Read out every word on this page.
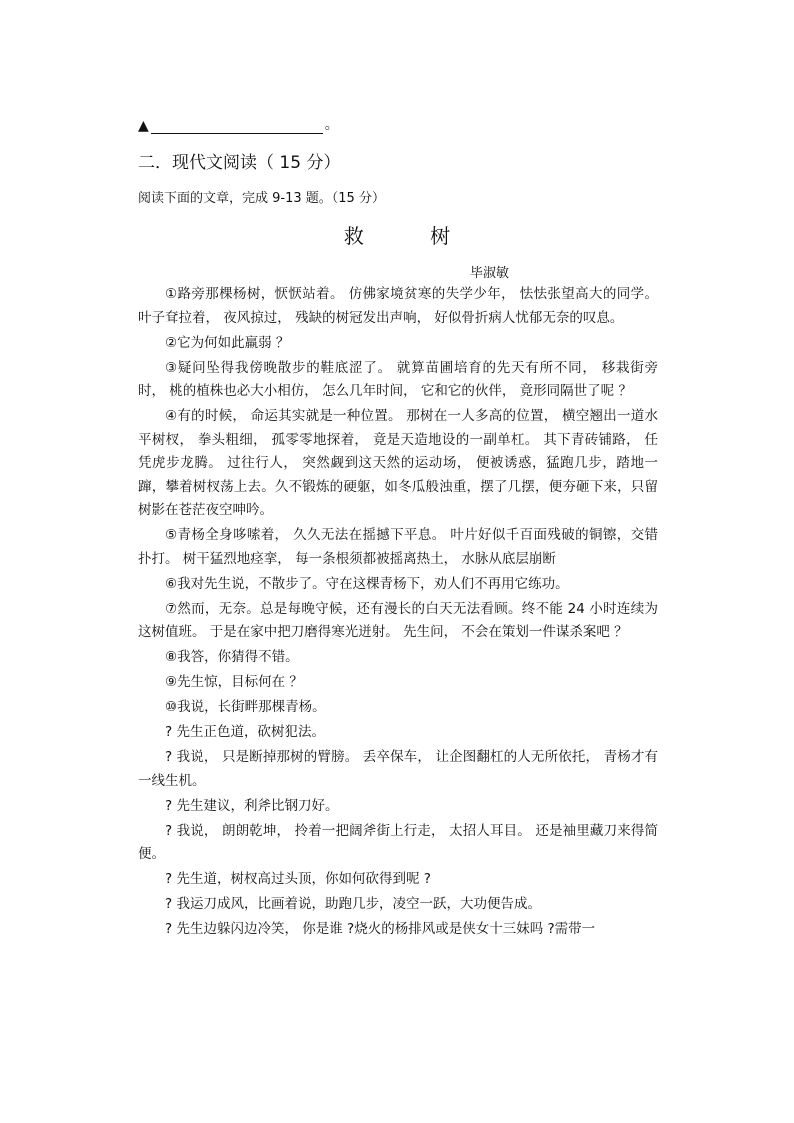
▲	。
二．现代文阅读（ 15 分）
阅读下面的文章，完成 9-13 题。（15 分）
救 树
毕淑敏

①路旁那棵杨树，恹恹站着。 仿佛家境贫寒的失学少年， 怯怯张望高大的同学。 叶子耷拉着， 夜风掠过， 残缺的树冠发出声响， 好似骨折病人忧郁无奈的叹息。

②它为何如此羸弱 ？

③疑问坠得我傍晚散步的鞋底涩了。 就算苗圃培育的先天有所不同， 移栽街旁时， 桃的植株也必大小相仿， 怎么几年时间， 它和它的伙伴， 竟形同隔世了呢 ？

④有的时候， 命运其实就是一种位置。 那树在一人多高的位置， 横空翘出一道水平树杈， 拳头粗细， 孤零零地探着， 竟是天造地设的一副单杠。 其下青砖铺路， 任凭虎步龙腾。 过往行人， 突然觑到这天然的运动场， 便被诱惑，猛跑几步，踏地一蹿，攀着树杈荡上去。久不锻炼的硬躯，如冬瓜般浊重，摆了几摆，便夯砸下来，只留树影在苍茫夜空呻吟。

⑤青杨全身哆嗦着， 久久无法在摇撼下平息。 叶片好似千百面残破的铜镲，交错扑打。 树干猛烈地痉挛， 每一条根须都被摇离热土， 水脉从底层崩断

⑥我对先生说，不散步了。守在这棵青杨下，劝人们不再用它练功。

⑦然而，无奈。总是每晚守候，还有漫长的白天无法看顾。终不能 24 小时连续为这树值班。 于是在家中把刀磨得寒光迸射。 先生问， 不会在策划一件谋杀案吧 ？

⑧我答，你猜得不错。

⑨先生惊，目标何在 ？

⑩我说，长街畔那棵青杨。

? 先生正色道，砍树犯法。

? 我说， 只是断掉那树的臂膀。 丢卒保车， 让企图翻杠的人无所依托， 青杨才有一线生机。

? 先生建议，利斧比钢刀好。

? 我说， 朗朗乾坤， 拎着一把阔斧街上行走， 太招人耳目。 还是袖里藏刀来得简便。

? 先生道，树杈高过头顶，你如何砍得到呢 ?

? 我运刀成风，比画着说，助跑几步，凌空一跃，大功便告成。

? 先生边躲闪边冷笑， 你是谁 ?烧火的杨排风或是侠女十三妹吗 ?需带一
